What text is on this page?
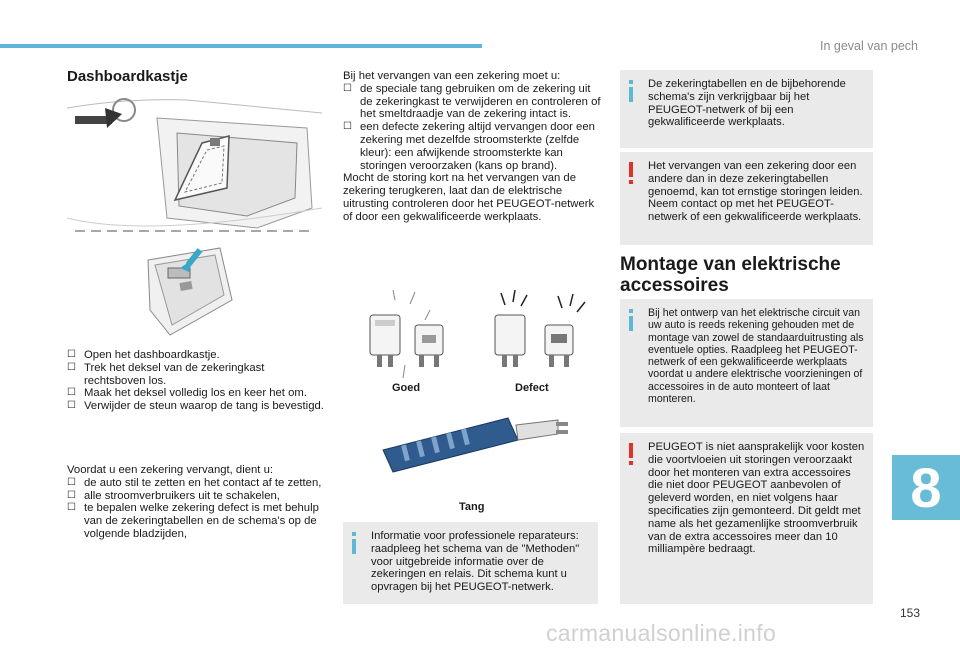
In geval van pech
Dashboardkastje
☐ Open het dashboardkastje.
☐ Trek het deksel van de zekeringkast rechtsboven los.
☐ Maak het deksel volledig los en keer het om.
☐ Verwijder de steun waarop de tang is bevestigd.

Voordat u een zekering vervangt, dient u:

☐ de auto stil te zetten en het contact af te zetten,
☐ alle stroomverbruikers uit te schakelen,
☐ te bepalen welke zekering defect is met behulp van de zekeringtabellen en de schema's op de volgende bladzijden,

Bij het vervangen van een zekering moet u:

☐ de speciale tang gebruiken om de zekering uit de zekeringkast te verwijderen en controleren of het smeltdraadje van de zekering intact is.
☐ een defecte zekering altijd vervangen door een zekering met dezelfde stroomsterkte (zelfde kleur): een afwijkende stroomsterkte kan storingen veroorzaken (kans op brand).

Mocht de storing kort na het vervangen van de zekering terugkeren, laat dan de elektrische uitrusting controleren door het PEUGEOT-netwerk of door een gekwalificeerde werkplaats.

Goed	Defect
Tang
Informatie voor professionele reparateurs: raadpleeg het schema van de "Methoden" voor uitgebreide informatie over de zekeringen en relais. Dit schema kunt u opvragen bij het PEUGEOT-netwerk.
De zekeringtabellen en de bijbehorende schema's zijn verkrijgbaar bij het PEUGEOT-netwerk of bij een gekwalificeerde werkplaats.
Het vervangen van een zekering door een andere dan in deze zekeringtabellen genoemd, kan tot ernstige storingen leiden. Neem contact op met het PEUGEOT-netwerk of een gekwalificeerde werkplaats.
Montage van elektrische
accessoires
Bij het ontwerp van het elektrische circuit van uw auto is reeds rekening gehouden met de montage van zowel de standaarduitrusting als eventuele opties. Raadpleeg het PEUGEOT-netwerk of een gekwalificeerde werkplaats voordat u andere elektrische voorzieningen of accessoires in de auto monteert of laat monteren.
PEUGEOT is niet aansprakelijk voor kosten die voortvloeien uit storingen veroorzaakt door het monteren van extra accessoires die niet door PEUGEOT aanbevolen of geleverd worden, en niet volgens haar specificaties zijn gemonteerd. Dit geldt met name als het gezamenlijke stroomverbruik van de extra accessoires meer dan 10 milliampère bedraagt.
8
153
carmanualsonline.info
